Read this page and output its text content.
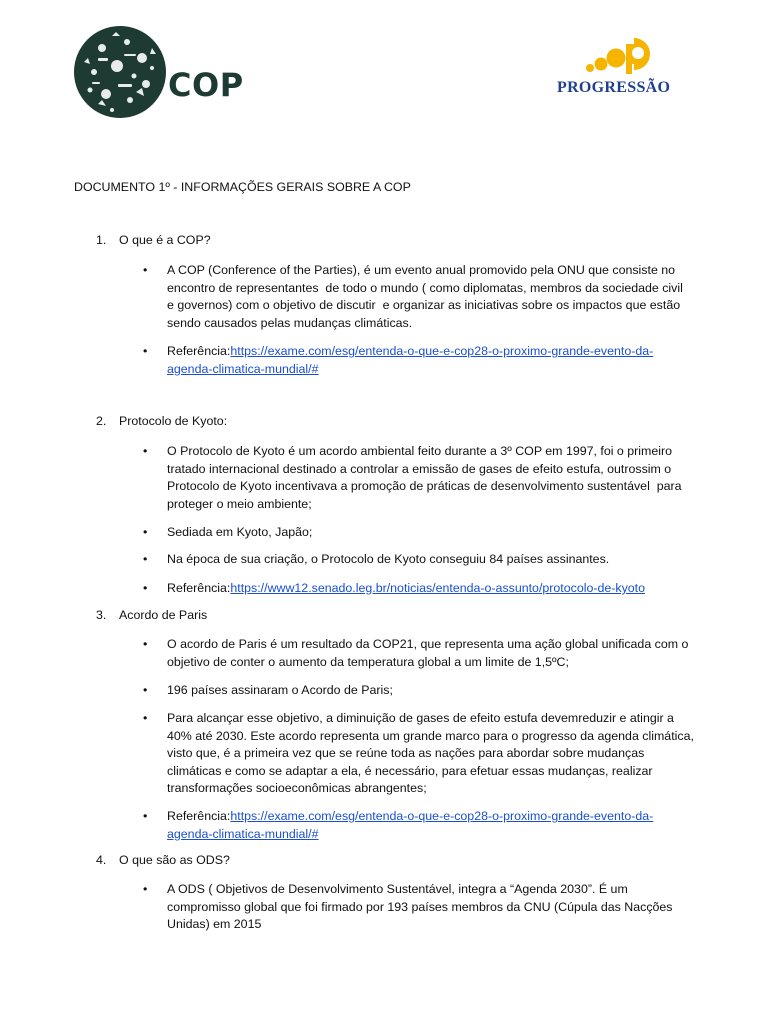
COP	PROGRESSÃO
DOCUMENTO 1º - INFORMAÇÕES GERAIS SOBRE A COP
1. O que é a COP?
• A COP (Conference of the Parties), é um evento anual promovido pela ONU que consiste no
encontro de representantes  de todo o mundo ( como diplomatas, membros da sociedade civil
e governos) com o objetivo de discutir  e organizar as iniciativas sobre os impactos que estão
sendo causados pelas mudanças climáticas.
• Referência:https://exame.com/esg/entenda-o-que-e-cop28-o-proximo-grande-evento-da-
agenda-climatica-mundial/#
2. Protocolo de Kyoto:
• O Protocolo de Kyoto é um acordo ambiental feito durante a 3º COP em 1997, foi o primeiro
tratado internacional destinado a controlar a emissão de gases de efeito estufa, outrossim o
Protocolo de Kyoto incentivava a promoção de práticas de desenvolvimento sustentável  para
proteger o meio ambiente;
• Sediada em Kyoto, Japão;
• Na época de sua criação, o Protocolo de Kyoto conseguiu 84 países assinantes.
• Referência:https://www12.senado.leg.br/noticias/entenda-o-assunto/protocolo-de-kyoto
3. Acordo de Paris
• O acordo de Paris é um resultado da COP21, que representa uma ação global unificada com o
objetivo de conter o aumento da temperatura global a um limite de 1,5ºC;
• 196 países assinaram o Acordo de Paris;
• Para alcançar esse objetivo, a diminuição de gases de efeito estufa devemreduzir e atingir a
40% até 2030. Este acordo representa um grande marco para o progresso da agenda climática,
visto que, é a primeira vez que se reúne toda as nações para abordar sobre mudanças
climáticas e como se adaptar a ela, é necessário, para efetuar essas mudanças, realizar
transformações socioeconômicas abrangentes;
• Referência:https://exame.com/esg/entenda-o-que-e-cop28-o-proximo-grande-evento-da-
agenda-climatica-mundial/#
4. O que são as ODS?
• A ODS ( Objetivos de Desenvolvimento Sustentável, integra a “Agenda 2030”. É um
compromisso global que foi firmado por 193 países membros da CNU (Cúpula das Nacções
Unidas) em 2015
